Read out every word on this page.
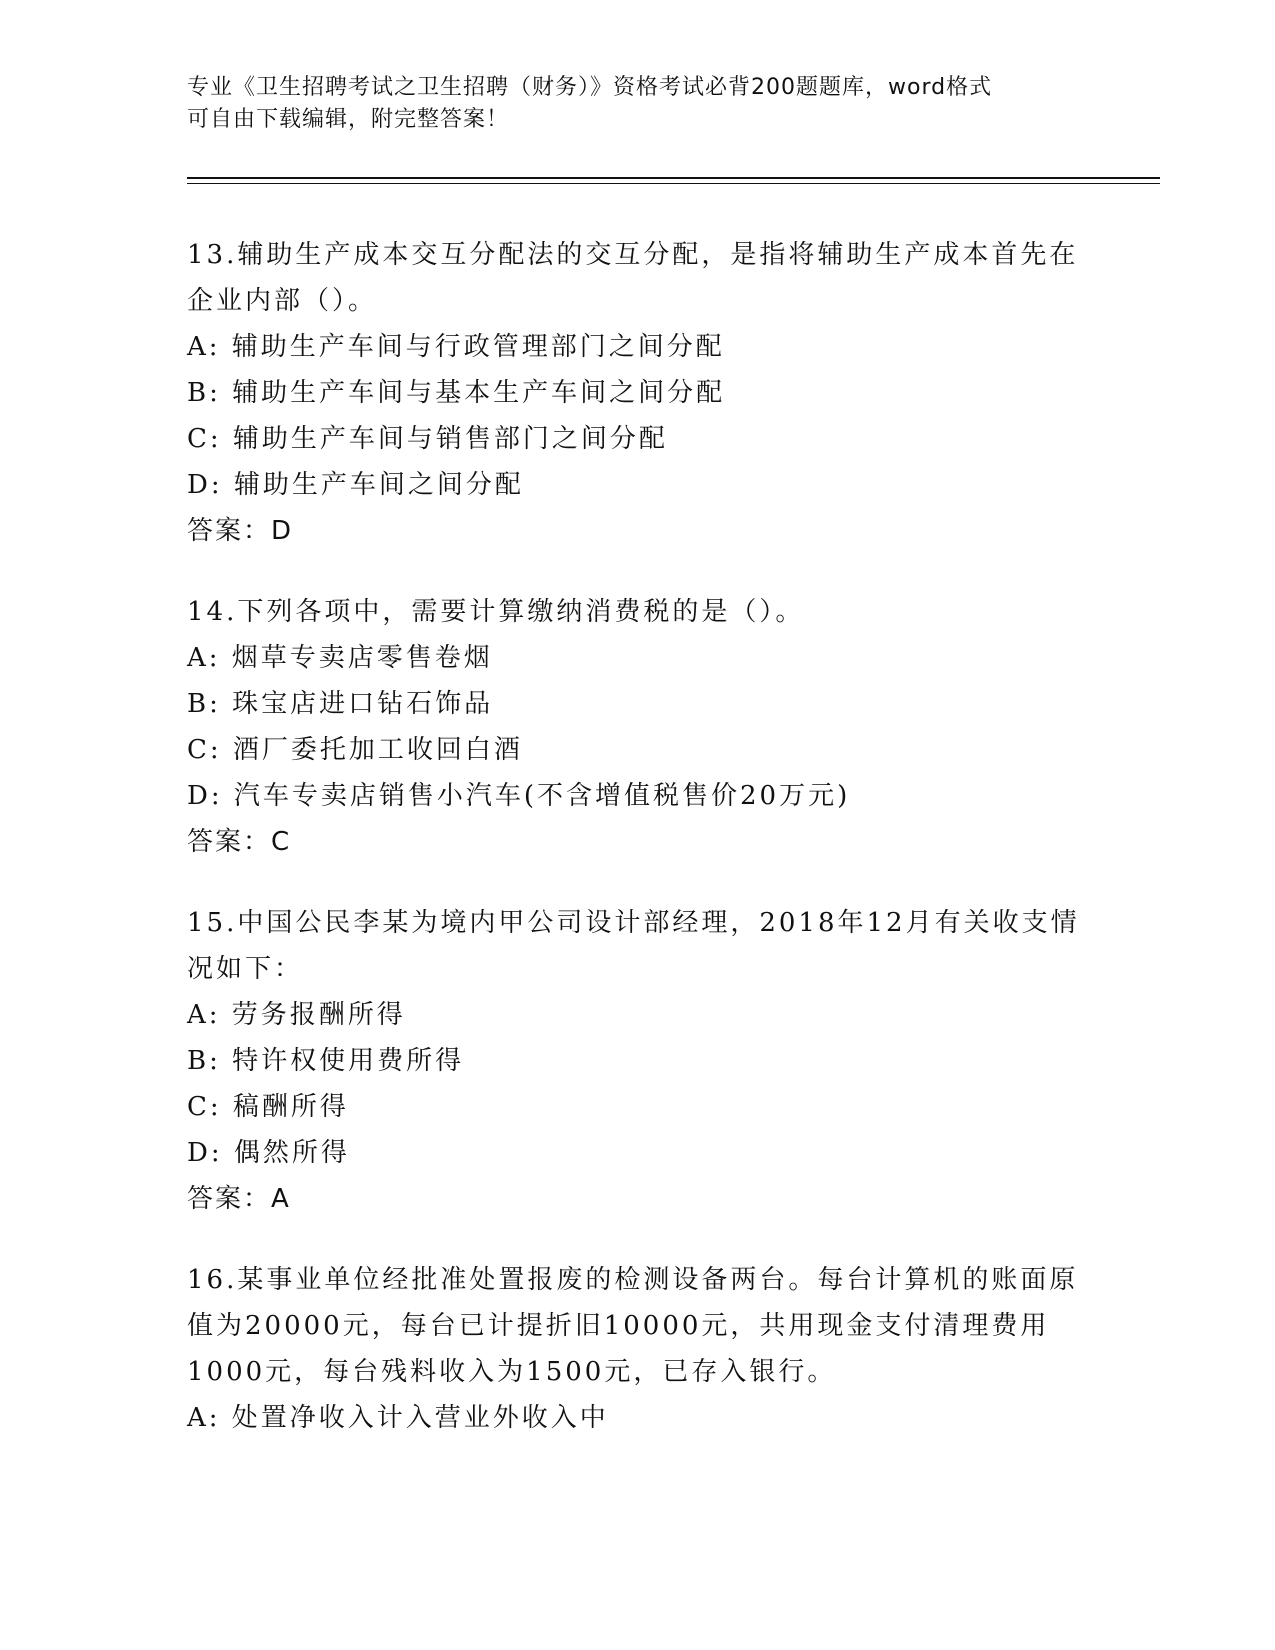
专业《卫生招聘考试之卫生招聘（财务）》资格考试必背200题题库，word格式
可自由下载编辑，附完整答案！

13.辅助生产成本交互分配法的交互分配，是指将辅助生产成本首先在

企业内部（）。

A: 辅助生产车间与行政管理部门之间分配

B: 辅助生产车间与基本生产车间之间分配

C: 辅助生产车间与销售部门之间分配

D: 辅助生产车间之间分配

答案：D

14.下列各项中，需要计算缴纳消费税的是（）。

A: 烟草专卖店零售卷烟

B: 珠宝店进口钻石饰品

C: 酒厂委托加工收回白酒

D: 汽车专卖店销售小汽车(不含增值税售价20万元)

答案：C

15.中国公民李某为境内甲公司设计部经理，2018年12月有关收支情

况如下：

A: 劳务报酬所得

B: 特许权使用费所得

C: 稿酬所得

D: 偶然所得

答案：A

16.某事业单位经批准处置报废的检测设备两台。每台计算机的账面原

值为20000元，每台已计提折旧10000元，共用现金支付清理费用

1000元，每台残料收入为1500元，已存入银行。

A: 处置净收入计入营业外收入中
